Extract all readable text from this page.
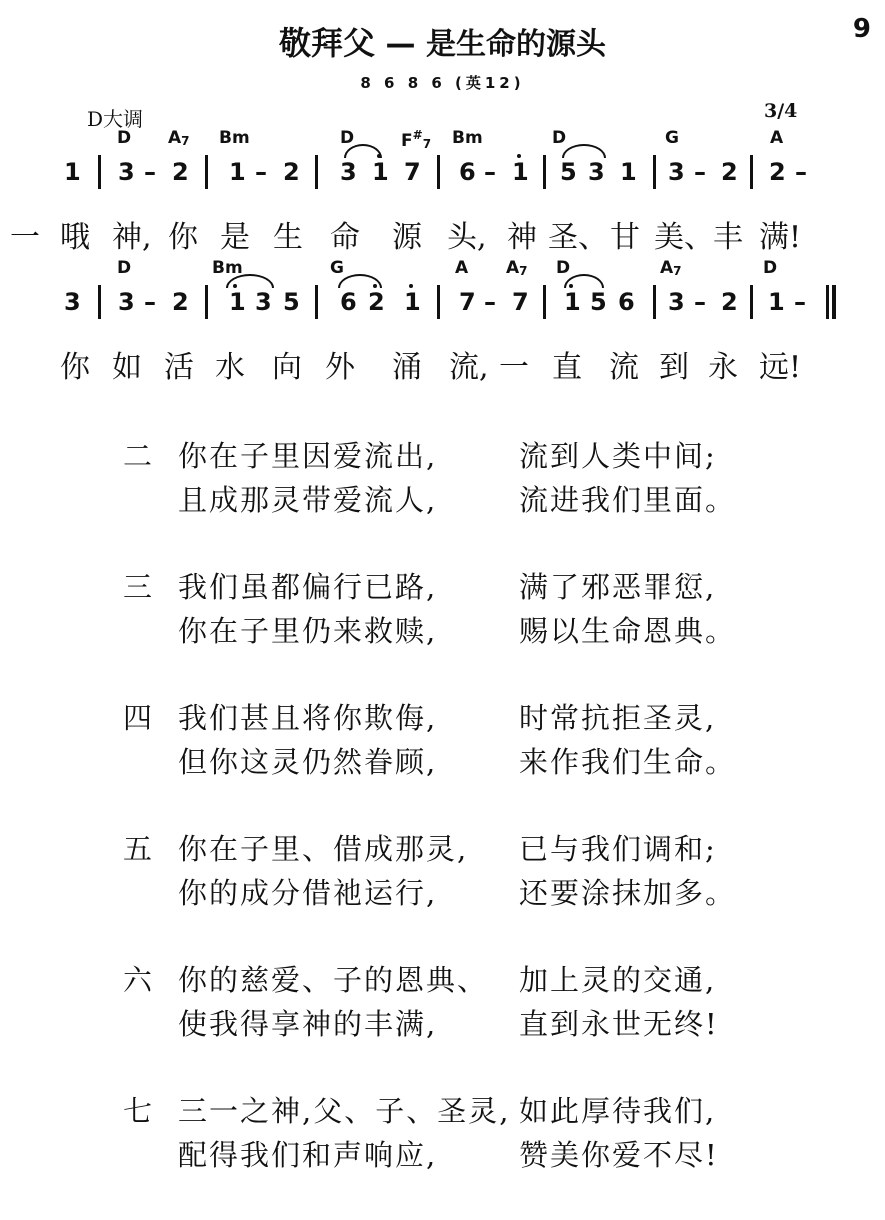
敬拜父 — 是生命的源头	9
8 6 8 6 (英12)
D大调	3/4
D $A_7$ Bm	D	$F^{\#}_7$ Bm	D	G	A
1 3 – 2 1 – 2 3 1 7 6 – 1 5 3 1 3 – 2 2 –
一 哦 神, 你 是 生 命 源 头, 神 圣、 甘 美、 丰 满!
D	Bm	G	A $A_7$ D	$A_7$	D
3 3 – 2 1 3 5 6 2 1 7 – 7 1 5 6 3 – 2 1 –
你 如 活 水 向 外 涌 流, 一 直 流 到 永 远!
二 你在子里因爱流出,	流到人类中间;
且成那灵带爱流人,	流进我们里面。
三 我们虽都偏行已路,	满了邪恶罪愆,
你在子里仍来救赎,	赐以生命恩典。
四 我们甚且将你欺侮,	时常抗拒圣灵,
但你这灵仍然眷顾,	来作我们生命。
五 你在子里、借成那灵, 已与我们调和;
你的成分借祂运行,	还要涂抹加多。
六 你的慈爱、子的恩典、 加上灵的交通,
使我得享神的丰满,	直到永世无终!
七 三一之神,父、子、圣灵, 如此厚待我们,
配得我们和声响应,	赞美你爱不尽!
